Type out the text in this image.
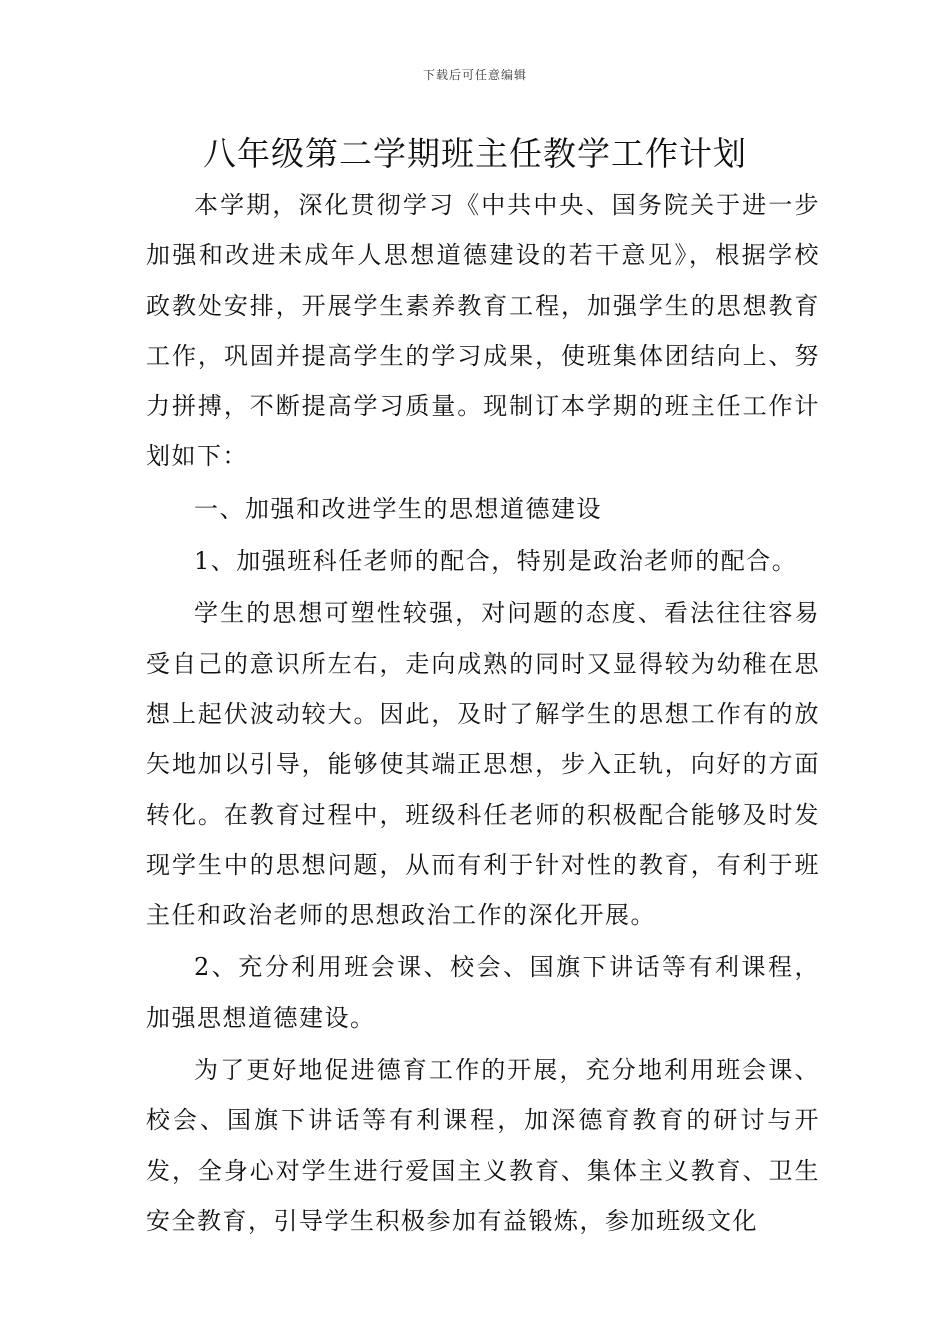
下载后可任意编辑
八年级第二学期班主任教学工作计划

本学期，深化贯彻学习《中共中央、国务院关于进一步加强和改进未成年人思想道德建设的若干意见》，根据学校政教处安排，开展学生素养教育工程，加强学生的思想教育工作，巩固并提高学生的学习成果，使班集体团结向上、努力拼搏，不断提高学习质量。现制订本学期的班主任工作计划如下：

一、加强和改进学生的思想道德建设

1、加强班科任老师的配合，特别是政治老师的配合。

学生的思想可塑性较强，对问题的态度、看法往往容易受自己的意识所左右，走向成熟的同时又显得较为幼稚在思想上起伏波动较大。因此，及时了解学生的思想工作有的放矢地加以引导，能够使其端正思想，步入正轨，向好的方面转化。在教育过程中，班级科任老师的积极配合能够及时发现学生中的思想问题，从而有利于针对性的教育，有利于班主任和政治老师的思想政治工作的深化开展。

2、充分利用班会课、校会、国旗下讲话等有利课程，加强思想道德建设。

为了更好地促进德育工作的开展，充分地利用班会课、校会、国旗下讲话等有利课程，加深德育教育的研讨与开发，全身心对学生进行爱国主义教育、集体主义教育、卫生安全教育，引导学生积极参加有益锻炼，参加班级文化
